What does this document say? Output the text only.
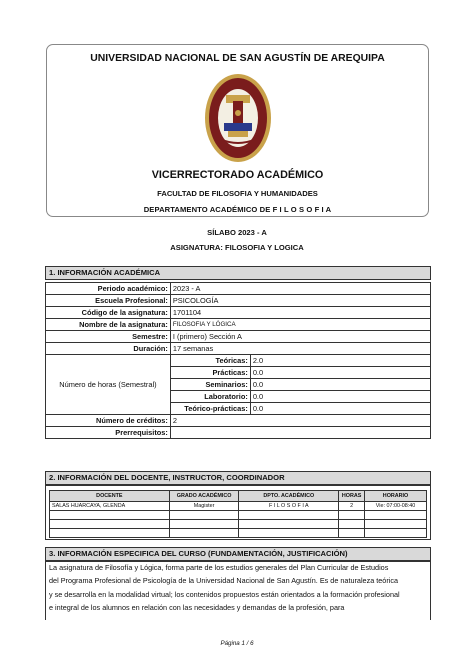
UNIVERSIDAD NACIONAL DE SAN AGUSTÍN DE AREQUIPA
VICERRECTORADO ACADÉMICO
FACULTAD DE FILOSOFIA Y HUMANIDADES
DEPARTAMENTO ACADÉMICO DE F I L O S O F I A
SÍLABO 2023 - A
ASIGNATURA: FILOSOFIA Y LOGICA
1. INFORMACIÓN ACADÉMICA
Periodo académico:	2023 - A	
Escuela Profesional:	PSICOLOGÍA	
Código de la asignatura:	1701104	
Nombre de la asignatura:	FILOSOFIA Y LÓGICA	
Semestre:	I (primero) Sección A	
Duración:	17 semanas	
Número de horas (Semestral)	Teóricas:	2.0
	Prácticas:	0.0
	Seminarios:	0.0
	Laboratorio:	0.0
	Teórico-prácticas:	0.0
Número de créditos:	2	
Prerrequisitos:		
2. INFORMACIÓN DEL DOCENTE, INSTRUCTOR, COORDINADOR
DOCENTE	GRADO ACADÉMICO	DPTO. ACADÉMICO	HORAS	HORARIO
SALAS HUARCAYA, GLENDA	Magister	F I L O S O F I A	2	Vie: 07:00-08:40

3. INFORMACIÓN ESPECIFICA DEL CURSO (FUNDAMENTACIÓN, JUSTIFICACIÓN)
La asignatura de Filosofía y Lógica, forma parte de los estudios generales del Plan Curricular de Estudios
del Programa Profesional de Psicología de la Universidad Nacional de San Agustín. Es de naturaleza teórica
y se desarrolla en la modalidad virtual; los contenidos propuestos están orientados a la formación profesional
e integral de los alumnos en relación con las necesidades y demandas de la profesión, para
Página 1 / 6
